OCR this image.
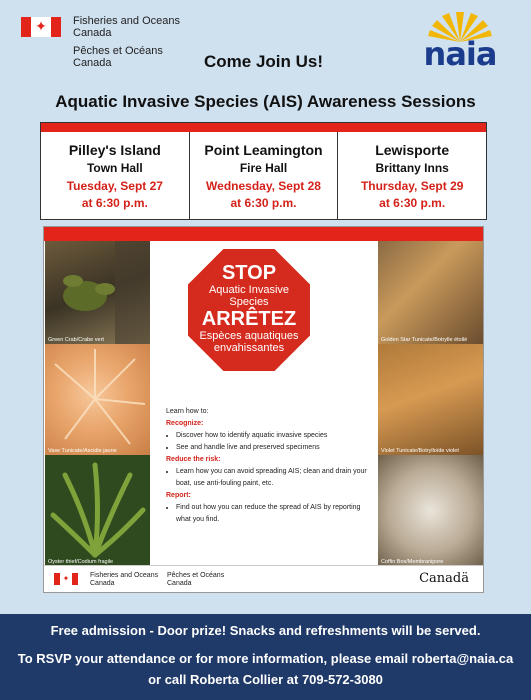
✦ Fisheries and Oceans
Canada
Pêches et Océans
Canada	naia
Come Join Us!
Aquatic Invasive Species (AIS) Awareness Sessions
Pilley's Island
Town Hall
Tuesday, Sept 27
at 6:30 p.m.
Point Leamington
Fire Hall
Wednesday, Sept 28
at 6:30 p.m.
Lewisporte
Brittany Inns
Thursday, Sept 29
at 6:30 p.m.
Green Crab/Crabe vert
Vase Tunicate/Ascidie jaune
Oyster thief/Codium fragile
Golden Star Tunicate/Botrylle étoilé
Violet Tunicate/Botrylloïde violet
Coffin Box/Membranipore
STOP
Aquatic Invasive
Species
ARRÊTEZ
Espèces aquatiques
envahissantes
Learn how to:
Recognize:
• Discover how to identify aquatic invasive species
• See and handle live and preserved specimens
Reduce the risk:
• Learn how you can avoid spreading AIS; clean and drain your boat, use anti-fouling paint, etc.
Report:
• Find out how you can reduce the spread of AIS by reporting what you find.
✦	Fisheries and Oceans
Canada
Pêches et Océans
Canada	Canadä
Free admission - Door prize! Snacks and refreshments will be served.
To RSVP your attendance or for more information, please email roberta@naia.ca
or call Roberta Collier at 709-572-3080
